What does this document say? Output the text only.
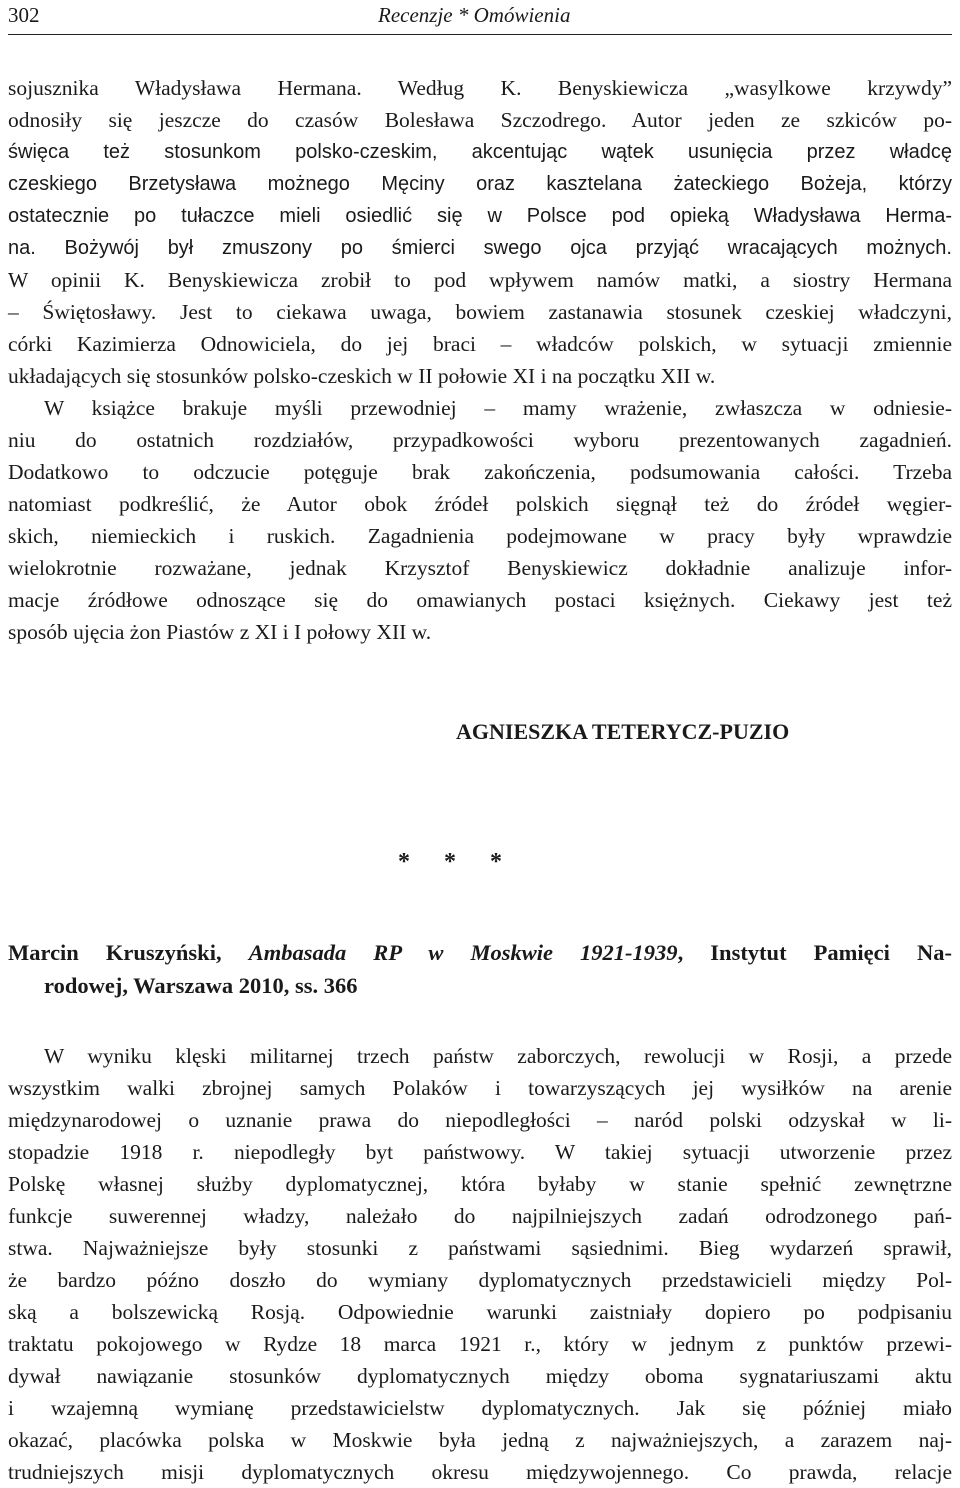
302	Recenzje * Omówienia
sojusznika Władysława Hermana. Według K. Benyskiewicza „wasylkowe krzywdy”
odnosiły się jeszcze do czasów Bolesława Szczodrego. Autor jeden ze szkiców po-
święca też stosunkom polsko-czeskim, akcentując wątek usunięcia przez władcę
czeskiego Brzetysława możnego Męciny oraz kasztelana żateckiego Bożeja, którzy
ostatecznie po tułaczce mieli osiedlić się w Polsce pod opieką Władysława Herma-
na. Bożywój był zmuszony po śmierci swego ojca przyjąć wracających możnych.
W opinii K. Benyskiewicza zrobił to pod wpływem namów matki, a siostry Hermana
– Świętosławy. Jest to ciekawa uwaga, bowiem zastanawia stosunek czeskiej władczyni,
córki Kazimierza Odnowiciela, do jej braci – władców polskich, w sytuacji zmiennie
układających się stosunków polsko-czeskich w II połowie XI i na początku XII w.
W książce brakuje myśli przewodniej – mamy wrażenie, zwłaszcza w odniesie-
niu do ostatnich rozdziałów, przypadkowości wyboru prezentowanych zagadnień.
Dodatkowo to odczucie potęguje brak zakończenia, podsumowania całości. Trzeba
natomiast podkreślić, że Autor obok źródeł polskich sięgnął też do źródeł węgier-
skich, niemieckich i ruskich. Zagadnienia podejmowane w pracy były wprawdzie
wielokrotnie rozważane, jednak Krzysztof Benyskiewicz dokładnie analizuje infor-
macje źródłowe odnoszące się do omawianych postaci księżnych. Ciekawy jest też
sposób ujęcia żon Piastów z XI i I połowy XII w.
AGNIESZKA TETERYCZ-PUZIO
* * *
Marcin Kruszyński, Ambasada RP w Moskwie 1921-1939, Instytut Pamięci Na-
rodowej, Warszawa 2010, ss. 366
W wyniku klęski militarnej trzech państw zaborczych, rewolucji w Rosji, a przede
wszystkim walki zbrojnej samych Polaków i towarzyszących jej wysiłków na arenie
międzynarodowej o uznanie prawa do niepodległości – naród polski odzyskał w li-
stopadzie 1918 r. niepodległy byt państwowy. W takiej sytuacji utworzenie przez
Polskę własnej służby dyplomatycznej, która byłaby w stanie spełnić zewnętrzne
funkcje suwerennej władzy, należało do najpilniejszych zadań odrodzonego pań-
stwa. Najważniejsze były stosunki z państwami sąsiednimi. Bieg wydarzeń sprawił,
że bardzo późno doszło do wymiany dyplomatycznych przedstawicieli między Pol-
ską a bolszewicką Rosją. Odpowiednie warunki zaistniały dopiero po podpisaniu
traktatu pokojowego w Rydze 18 marca 1921 r., który w jednym z punktów przewi-
dywał nawiązanie stosunków dyplomatycznych między oboma sygnatariuszami aktu
i wzajemną wymianę przedstawicielstw dyplomatycznych. Jak się później miało
okazać, placówka polska w Moskwie była jedną z najważniejszych, a zarazem naj-
trudniejszych misji dyplomatycznych okresu międzywojennego. Co prawda, relacje
